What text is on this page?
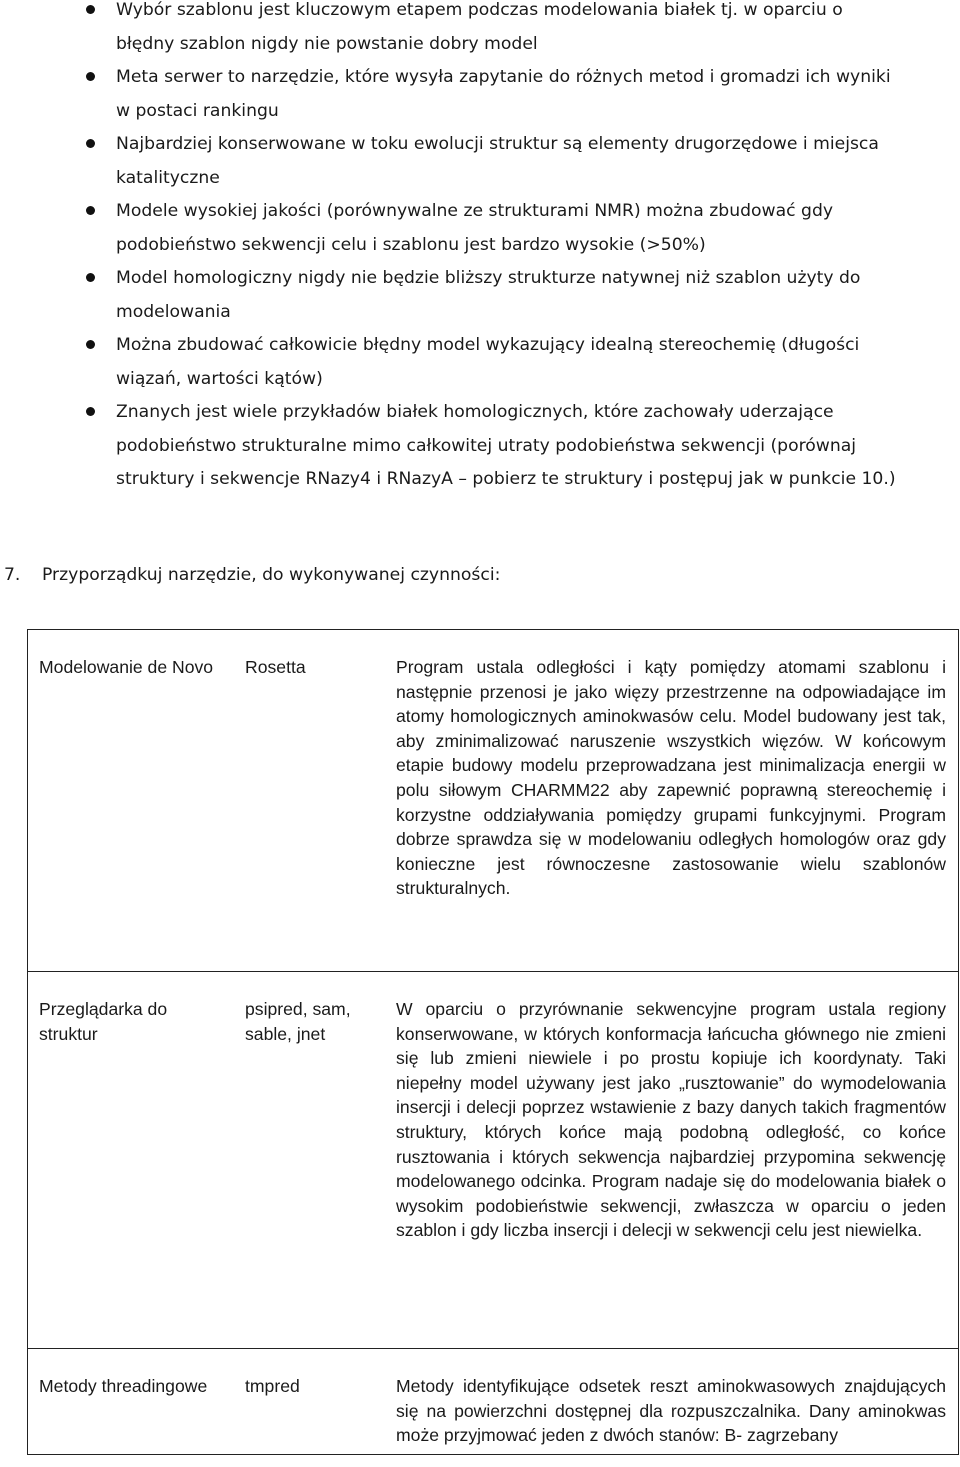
Wybór szablonu jest kluczowym etapem podczas modelowania białek tj. w oparciu o błędny szablon nigdy nie powstanie dobry model
Meta serwer to narzędzie, które wysyła zapytanie do różnych metod i gromadzi ich wyniki w postaci rankingu
Najbardziej konserwowane w toku ewolucji struktur są elementy drugorzędowe i miejsca katalityczne
Modele wysokiej jakości (porównywalne ze strukturami NMR) można zbudować gdy podobieństwo sekwencji celu i szablonu jest bardzo wysokie (>50%)
Model homologiczny nigdy nie będzie bliższy strukturze natywnej niż szablon użyty do modelowania
Można zbudować całkowicie błędny model wykazujący idealną stereochemię (długości wiązań, wartości kątów)
Znanych jest wiele przykładów białek homologicznych, które zachowały uderzające podobieństwo strukturalne mimo całkowitej utraty podobieństwa sekwencji (porównaj struktury i sekwencje RNazy4 i RNazyA – pobierz te struktury i postępuj jak w punkcie 10.)

7. Przyporządkuj narzędzie, do wykonywanej czynności:

Modelowanie de Novo	Rosetta	Program ustala odległości i kąty pomiędzy atomami szablonu i następnie przenosi je jako więzy przestrzenne na odpowiadające im atomy homologicznych aminokwasów celu. Model budowany jest tak, aby zminimalizować naruszenie wszystkich więzów. W końcowym etapie budowy modelu przeprowadzana jest minimalizacja energii w polu siłowym CHARMM22 aby zapewnić poprawną stereochemię i korzystne oddziaływania pomiędzy grupami funkcyjnymi. Program dobrze sprawdza się w modelowaniu odległych homologów oraz gdy konieczne jest równoczesne zastosowanie wielu szablonów strukturalnych.
Przeglądarka do struktur	psipred, sam, sable, jnet	W oparciu o przyrównanie sekwencyjne program ustala regiony konserwowane, w których konformacja łańcucha głównego nie zmieni się lub zmieni niewiele i po prostu kopiuje ich koordynaty. Taki niepełny model używany jest jako „rusztowanie” do wymodelowania insercji i delecji poprzez wstawienie z bazy danych takich fragmentów struktury, których końce mają podobną odległość, co końce rusztowania i których sekwencja najbardziej przypomina sekwencję modelowanego odcinka. Program nadaje się do modelowania białek o wysokim podobieństwie sekwencji, zwłaszcza w oparciu o jeden szablon i gdy liczba insercji i delecji w sekwencji celu jest niewielka.
Metody threadingowe	tmpred	Metody identyfikujące odsetek reszt aminokwasowych znajdujących się na powierzchni dostępnej dla rozpuszczalnika. Dany aminokwas może przyjmować jeden z dwóch stanów: B- zagrzebany
